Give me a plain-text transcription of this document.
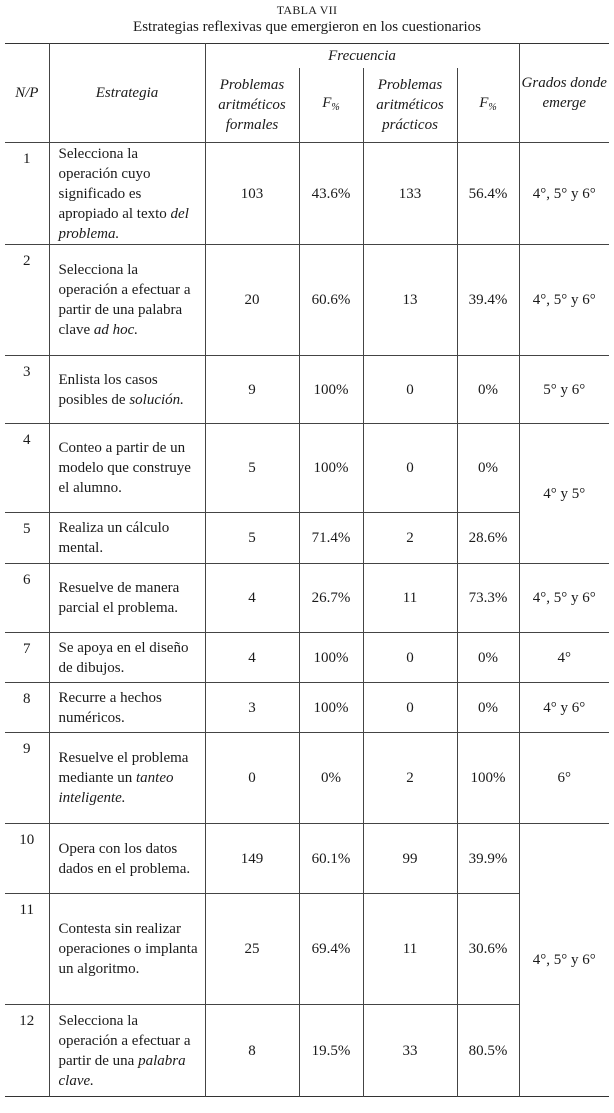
TABLA VII
Estrategias reflexivas que emergieron en los cuestionarios
N/P	Estrategia	Frecuencia				Grados donde emerge
		Problemas aritméticos formales	$F_{\%}$	Problemas aritméticos prácticos	$F_{\%}$
1	Selecciona la operación cuyo significado es apropiado al texto del problema.	103	43.6%	133	56.4%	4°, 5° y 6°
2	Selecciona la operación a efectuar a partir de una palabra clave ad hoc.	20	60.6%	13	39.4%	4°, 5° y 6°
3	Enlista los casos posibles de solución.	9	100%	0	0%	5° y 6°
4	Conteo a partir de un modelo que construye el alumno.	5	100%	0	0%	4° y 5°
5	Realiza un cálculo mental.	5	71.4%	2	28.6%	
6	Resuelve de manera parcial el problema.	4	26.7%	11	73.3%	4°, 5° y 6°
7	Se apoya en el diseño de dibujos.	4	100%	0	0%	4°
8	Recurre a hechos numéricos.	3	100%	0	0%	4° y 6°
9	Resuelve el problema mediante un tanteo inteligente.	0	0%	2	100%	6°
10	Opera con los datos dados en el problema.	149	60.1%	99	39.9%	4°, 5° y 6°
11	Contesta sin realizar operaciones o implanta un algoritmo.	25	69.4%	11	30.6%	
12	Selecciona la operación a efectuar a partir de una palabra clave.	8	19.5%	33	80.5%	
